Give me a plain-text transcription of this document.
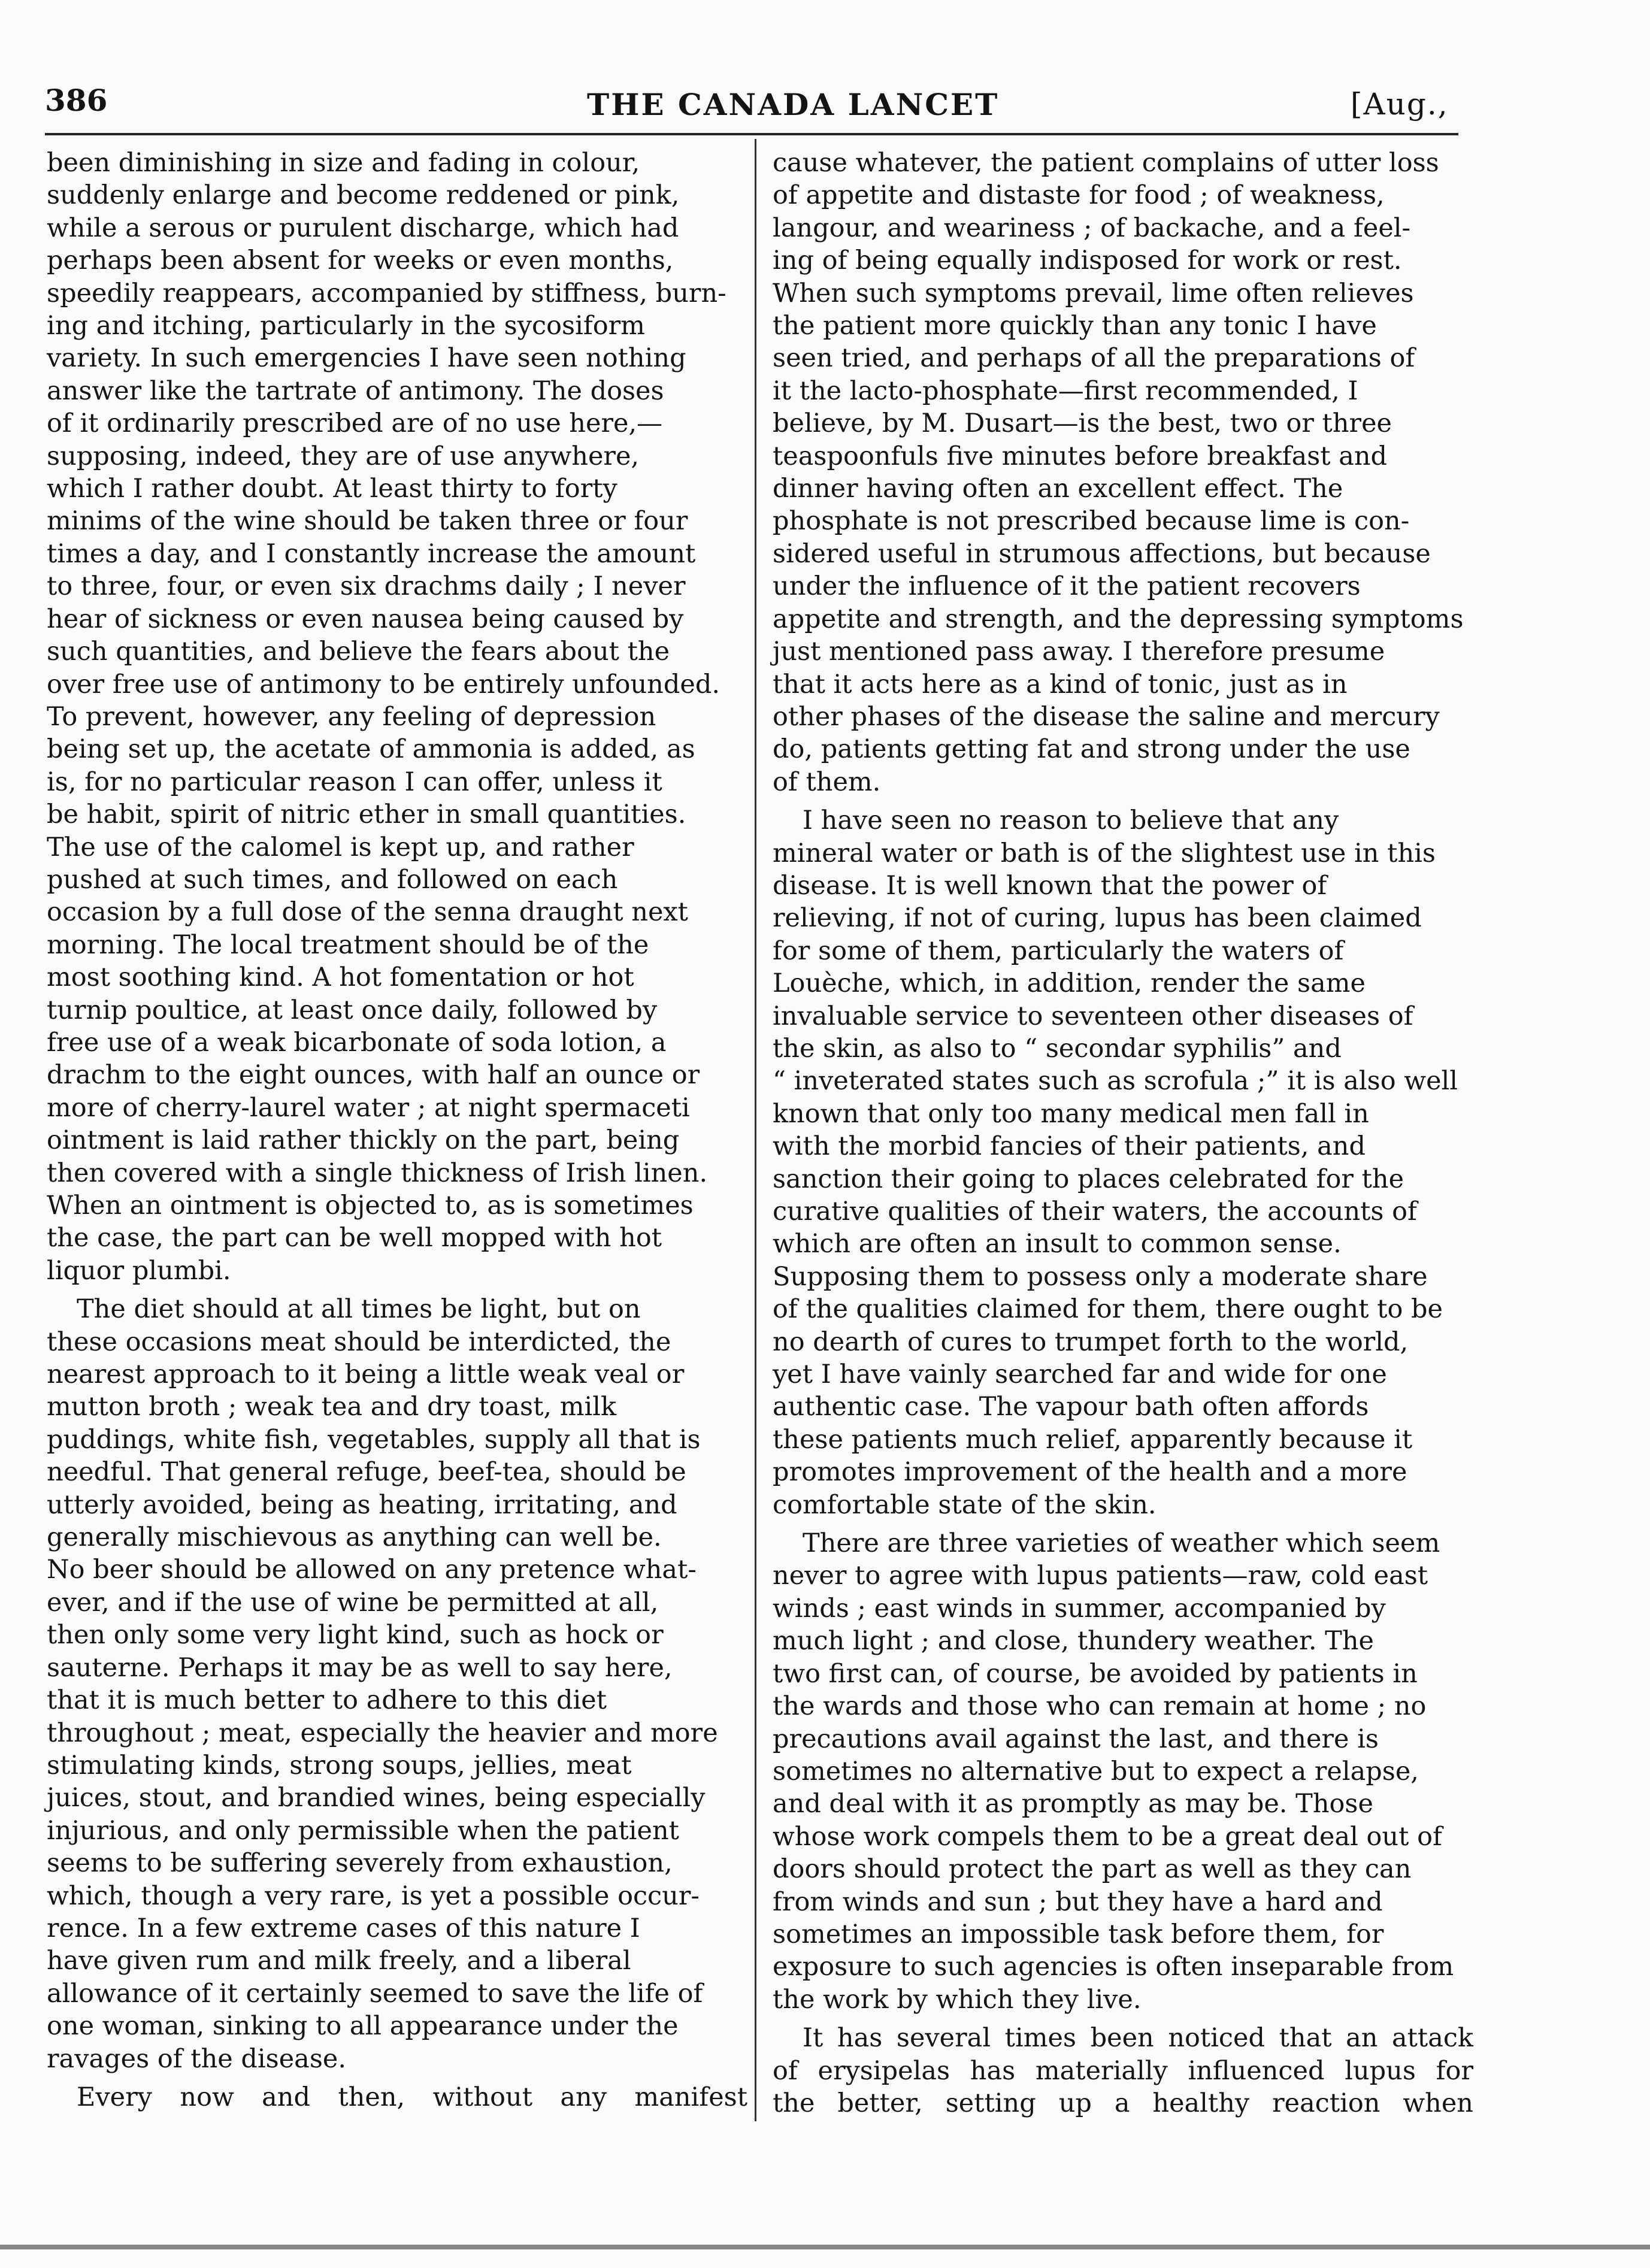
386	THE CANADA LANCET	[Aug.,

been diminishing in size and fading in colour,
suddenly enlarge and become reddened or pink,
while a serous or purulent discharge, which had
perhaps been absent for weeks or even months,
speedily reappears, accompanied by stiffness, burn-
ing and itching, particularly in the sycosiform
variety. In such emergencies I have seen nothing
answer like the tartrate of antimony. The doses
of it ordinarily prescribed are of no use here,—
supposing, indeed, they are of use anywhere,
which I rather doubt. At least thirty to forty
minims of the wine should be taken three or four
times a day, and I constantly increase the amount
to three, four, or even six drachms daily ; I never
hear of sickness or even nausea being caused by
such quantities, and believe the fears about the
over free use of antimony to be entirely unfounded.
To prevent, however, any feeling of depression
being set up, the acetate of ammonia is added, as
is, for no particular reason I can offer, unless it
be habit, spirit of nitric ether in small quantities.
The use of the calomel is kept up, and rather
pushed at such times, and followed on each
occasion by a full dose of the senna draught next
morning. The local treatment should be of the
most soothing kind. A hot fomentation or hot
turnip poultice, at least once daily, followed by
free use of a weak bicarbonate of soda lotion, a
drachm to the eight ounces, with half an ounce or
more of cherry-laurel water ; at night spermaceti
ointment is laid rather thickly on the part, being
then covered with a single thickness of Irish linen.
When an ointment is objected to, as is sometimes
the case, the part can be well mopped with hot
liquor plumbi.

The diet should at all times be light, but on
these occasions meat should be interdicted, the
nearest approach to it being a little weak veal or
mutton broth ; weak tea and dry toast, milk
puddings, white fish, vegetables, supply all that is
needful. That general refuge, beef-tea, should be
utterly avoided, being as heating, irritating, and
generally mischievous as anything can well be.
No beer should be allowed on any pretence what-
ever, and if the use of wine be permitted at all,
then only some very light kind, such as hock or
sauterne. Perhaps it may be as well to say here,
that it is much better to adhere to this diet
throughout ; meat, especially the heavier and more
stimulating kinds, strong soups, jellies, meat
juices, stout, and brandied wines, being especially
injurious, and only permissible when the patient
seems to be suffering severely from exhaustion,
which, though a very rare, is yet a possible occur-
rence. In a few extreme cases of this nature I
have given rum and milk freely, and a liberal
allowance of it certainly seemed to save the life of
one woman, sinking to all appearance under the
ravages of the disease.

Every now and then, without any manifest

cause whatever, the patient complains of utter loss
of appetite and distaste for food ; of weakness,
langour, and weariness ; of backache, and a feel-
ing of being equally indisposed for work or rest.
When such symptoms prevail, lime often relieves
the patient more quickly than any tonic I have
seen tried, and perhaps of all the preparations of
it the lacto-phosphate—first recommended, I
believe, by M. Dusart—is the best, two or three
teaspoonfuls five minutes before breakfast and
dinner having often an excellent effect. The
phosphate is not prescribed because lime is con-
sidered useful in strumous affections, but because
under the influence of it the patient recovers
appetite and strength, and the depressing symptoms
just mentioned pass away. I therefore presume
that it acts here as a kind of tonic, just as in
other phases of the disease the saline and mercury
do, patients getting fat and strong under the use
of them.

I have seen no reason to believe that any
mineral water or bath is of the slightest use in this
disease. It is well known that the power of
relieving, if not of curing, lupus has been claimed
for some of them, particularly the waters of
Louèche, which, in addition, render the same
invaluable service to seventeen other diseases of
the skin, as also to “ secondar syphilis” and
“ inveterated states such as scrofula ;” it is also well
known that only too many medical men fall in
with the morbid fancies of their patients, and
sanction their going to places celebrated for the
curative qualities of their waters, the accounts of
which are often an insult to common sense.
Supposing them to possess only a moderate share
of the qualities claimed for them, there ought to be
no dearth of cures to trumpet forth to the world,
yet I have vainly searched far and wide for one
authentic case. The vapour bath often affords
these patients much relief, apparently because it
promotes improvement of the health and a more
comfortable state of the skin.

There are three varieties of weather which seem
never to agree with lupus patients—raw, cold east
winds ; east winds in summer, accompanied by
much light ; and close, thundery weather. The
two first can, of course, be avoided by patients in
the wards and those who can remain at home ; no
precautions avail against the last, and there is
sometimes no alternative but to expect a relapse,
and deal with it as promptly as may be. Those
whose work compels them to be a great deal out of
doors should protect the part as well as they can
from winds and sun ; but they have a hard and
sometimes an impossible task before them, for
exposure to such agencies is often inseparable from
the work by which they live.

It has several times been noticed that an attack
of erysipelas has materially influenced lupus for
the better, setting up a healthy reaction when
